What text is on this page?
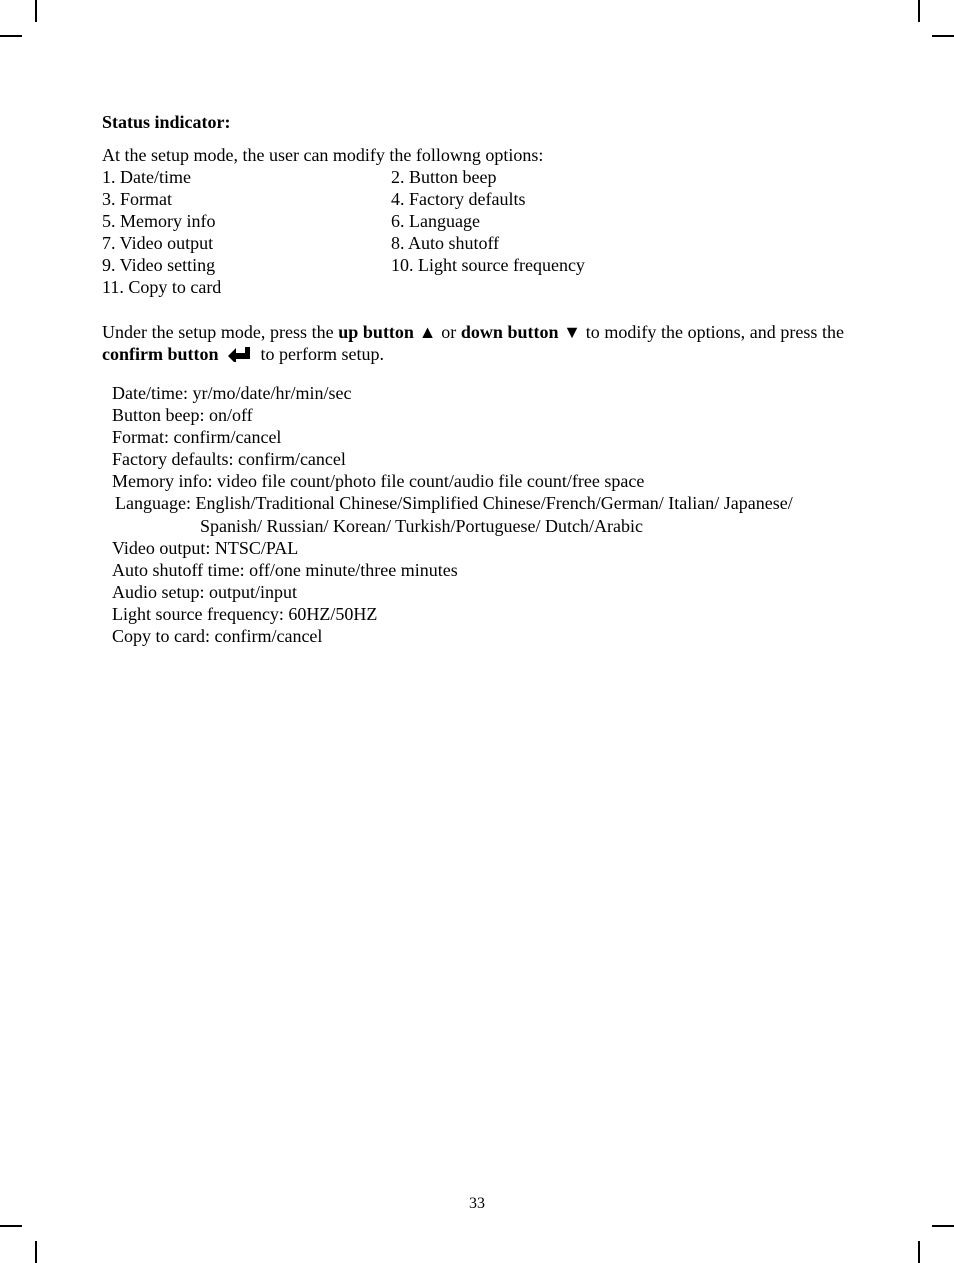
Status indicator:
At the setup mode, the user can modify the followng options:
1. Date/time
3. Format
5. Memory info
7. Video output
9. Video setting
11. Copy to card
2. Button beep
4. Factory defaults
6. Language
8. Auto shutoff
10. Light source frequency
Under the setup mode, press the up button ▲ or down button ▼ to modify the options, and press the confirm button to perform setup.
Date/time: yr/mo/date/hr/min/sec
Button beep: on/off
Format: confirm/cancel
Factory defaults: confirm/cancel
Memory info: video file count/photo file count/audio file count/free space
Language: English/Traditional Chinese/Simplified Chinese/French/German/ Italian/ Japanese/
Spanish/ Russian/ Korean/ Turkish/Portuguese/ Dutch/Arabic
Video output: NTSC/PAL
Auto shutoff time: off/one minute/three minutes
Audio setup: output/input
Light source frequency: 60HZ/50HZ
Copy to card: confirm/cancel
33
